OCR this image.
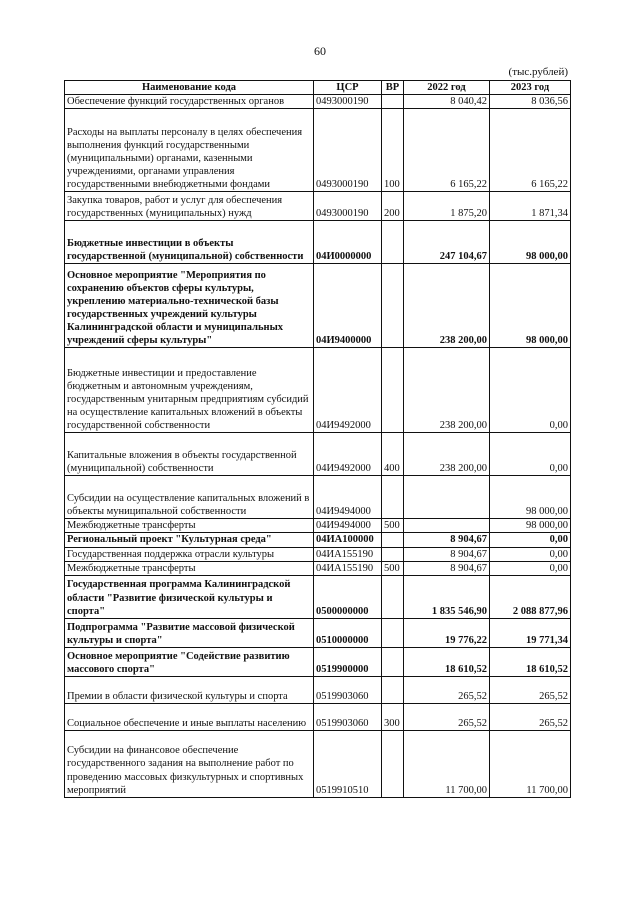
60
(тыс.рублей)
Наименование кода	ЦСР	ВР	2022 год	2023 год
Обеспечение функций государственных органов	0493000190		8 040,42	8 036,56
Расходы на выплаты персоналу в целях обеспечения выполнения функций государственными (муниципальными) органами, казенными учреждениями, органами управления государственными внебюджетными фондами	0493000190	100	6 165,22	6 165,22
Закупка товаров, работ и услуг для обеспечения государственных (муниципальных) нужд	0493000190	200	1 875,20	1 871,34
Бюджетные инвестиции в объекты государственной (муниципальной) собственности	04И0000000		247 104,67	98 000,00
Основное мероприятие "Мероприятия по сохранению объектов сферы культуры, укреплению материально-технической базы государственных учреждений культуры Калининградской области и муниципальных учреждений сферы культуры"	04И9400000		238 200,00	98 000,00
Бюджетные инвестиции и предоставление бюджетным и автономным учреждениям, государственным унитарным предприятиям субсидий на осуществление капитальных вложений в объекты государственной собственности	04И9492000		238 200,00	0,00
Капитальные вложения в объекты государственной (муниципальной) собственности	04И9492000	400	238 200,00	0,00
Субсидии на осуществление капитальных вложений в объекты муниципальной собственности	04И9494000			98 000,00
Межбюджетные трансферты	04И9494000	500		98 000,00
Региональный проект "Культурная среда"	04ИА100000		8 904,67	0,00
Государственная поддержка отрасли культуры	04ИА155190		8 904,67	0,00
Межбюджетные трансферты	04ИА155190	500	8 904,67	0,00
Государственная программа Калининградской области "Развитие физической культуры и спорта"	0500000000		1 835 546,90	2 088 877,96
Подпрограмма "Развитие массовой физической культуры и спорта"	0510000000		19 776,22	19 771,34
Основное мероприятие "Содействие развитию массового спорта"	0519900000		18 610,52	18 610,52
Премии в области физической культуры и спорта	0519903060		265,52	265,52
Социальное обеспечение и иные выплаты населению	0519903060	300	265,52	265,52
Субсидии на финансовое обеспечение государственного задания на выполнение работ по проведению массовых физкультурных и спортивных мероприятий	0519910510		11 700,00	11 700,00
